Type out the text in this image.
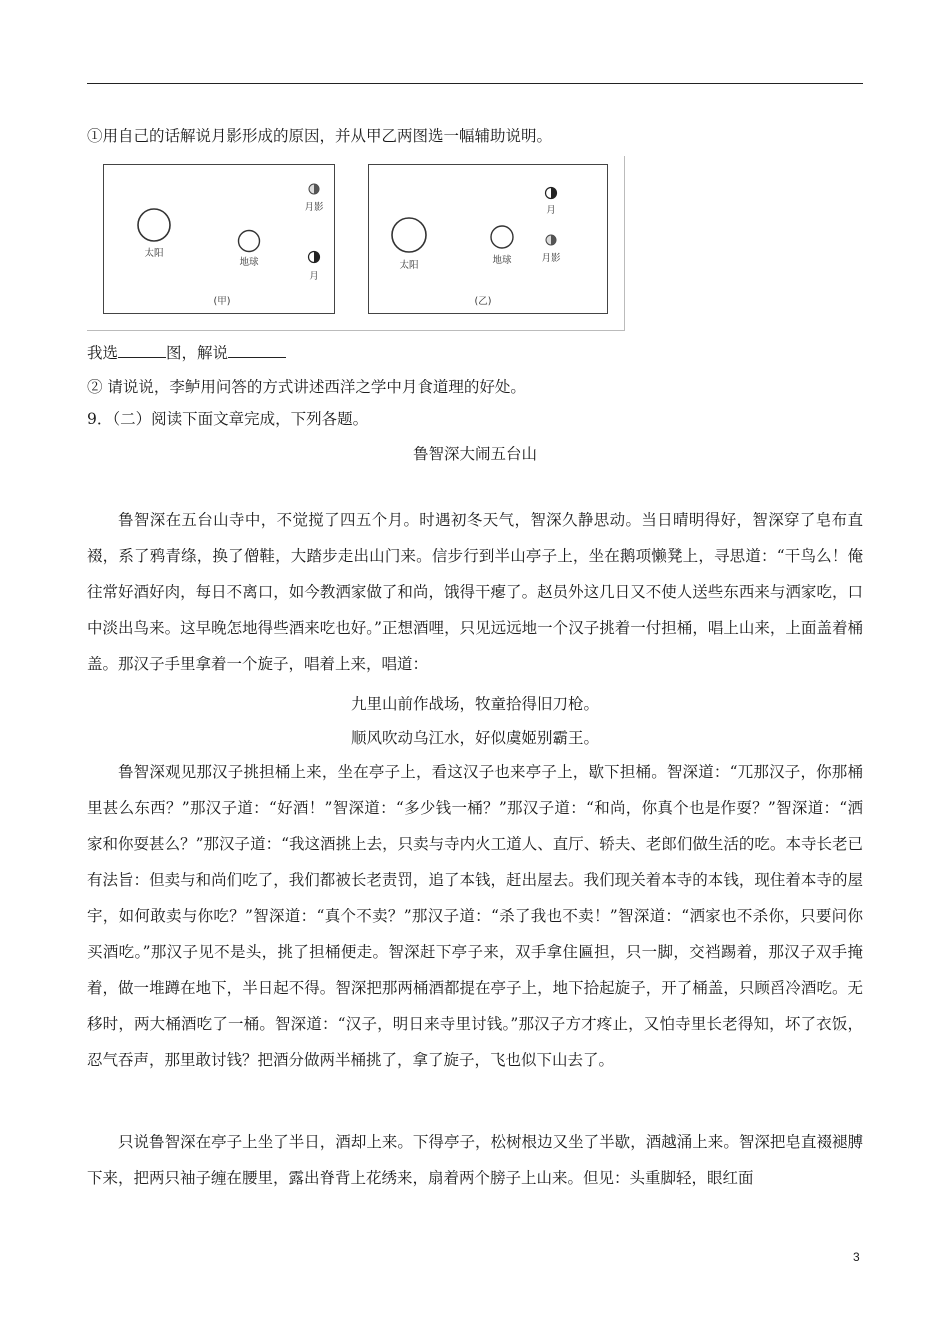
①用自己的话解说月影形成的原因，并从甲乙两图选一幅辅助说明。
太阳
地球
月影
月
(甲)
太阳	地球
月
月影
(乙)
我选	图，解说
② 请说说，李鲈用问答的方式讲述西洋之学中月食道理的好处。
9．（二）阅读下面文章完成，下列各题。
鲁智深大闹五台山
鲁智深在五台山寺中，不觉搅了四五个月。时遇初冬天气，智深久静思动。当日晴明得好，智深穿了皂布直裰，系了鸦青绦，换了僧鞋，大踏步走出山门来。信步行到半山亭子上，坐在鹅项懒凳上，寻思道：“干鸟么！俺往常好酒好肉，每日不离口，如今教洒家做了和尚，饿得干瘪了。赵员外这几日又不使人送些东西来与洒家吃，口中淡出鸟来。这早晚怎地得些酒来吃也好。”正想酒哩，只见远远地一个汉子挑着一付担桶，唱上山来，上面盖着桶盖。那汉子手里拿着一个旋子，唱着上来，唱道：
九里山前作战场，牧童拾得旧刀枪。
顺风吹动乌江水，好似虞姬别霸王。
鲁智深观见那汉子挑担桶上来，坐在亭子上，看这汉子也来亭子上，歇下担桶。智深道：“兀那汉子，你那桶里甚么东西？”那汉子道：“好酒！”智深道：“多少钱一桶？”那汉子道：“和尚，你真个也是作耍？”智深道：“洒家和你耍甚么？”那汉子道：“我这酒挑上去，只卖与寺内火工道人、直厅、轿夫、老郎们做生活的吃。本寺长老已有法旨：但卖与和尚们吃了，我们都被长老责罚，追了本钱，赶出屋去。我们现关着本寺的本钱，现住着本寺的屋宇，如何敢卖与你吃？”智深道：“真个不卖？”那汉子道：“杀了我也不卖！”智深道：“洒家也不杀你，只要问你买酒吃。”那汉子见不是头，挑了担桶便走。智深赶下亭子来，双手拿住匾担，只一脚，交裆踢着，那汉子双手掩着，做一堆蹲在地下，半日起不得。智深把那两桶酒都提在亭子上，地下拾起旋子，开了桶盖，只顾舀冷酒吃。无移时，两大桶酒吃了一桶。智深道：“汉子，明日来寺里讨钱。”那汉子方才疼止，又怕寺里长老得知，坏了衣饭，忍气吞声，那里敢讨钱？把酒分做两半桶挑了，拿了旋子，飞也似下山去了。
只说鲁智深在亭子上坐了半日，酒却上来。下得亭子，松树根边又坐了半歇，酒越涌上来。智深把皂直裰褪膊下来，把两只袖子缠在腰里，露出脊背上花绣来，扇着两个膀子上山来。但见：头重脚轻，眼红面
3
